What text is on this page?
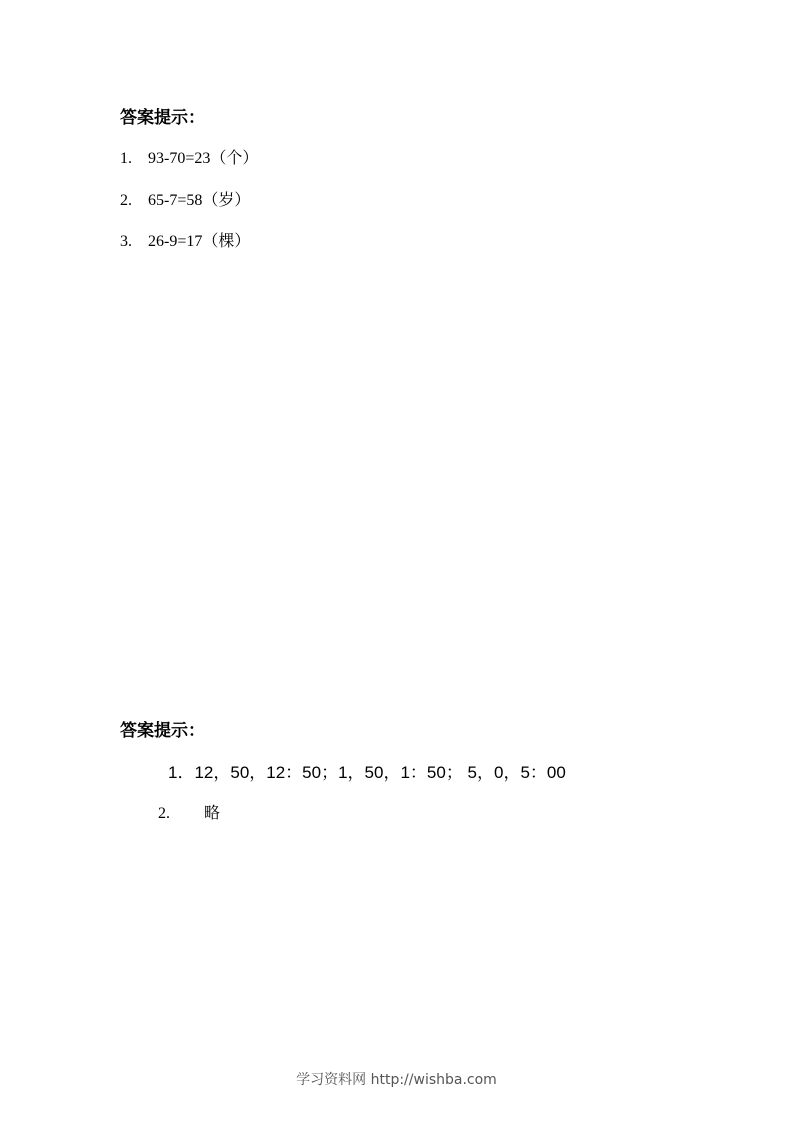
答案提示：
1. 93-70=23（个）
2. 65-7=58（岁）
3. 26-9=17（棵）
答案提示：
1．12，50，12：50；1，50，1：50； 5，0，5：00
2. 略
学习资料网 http://wishba.com
